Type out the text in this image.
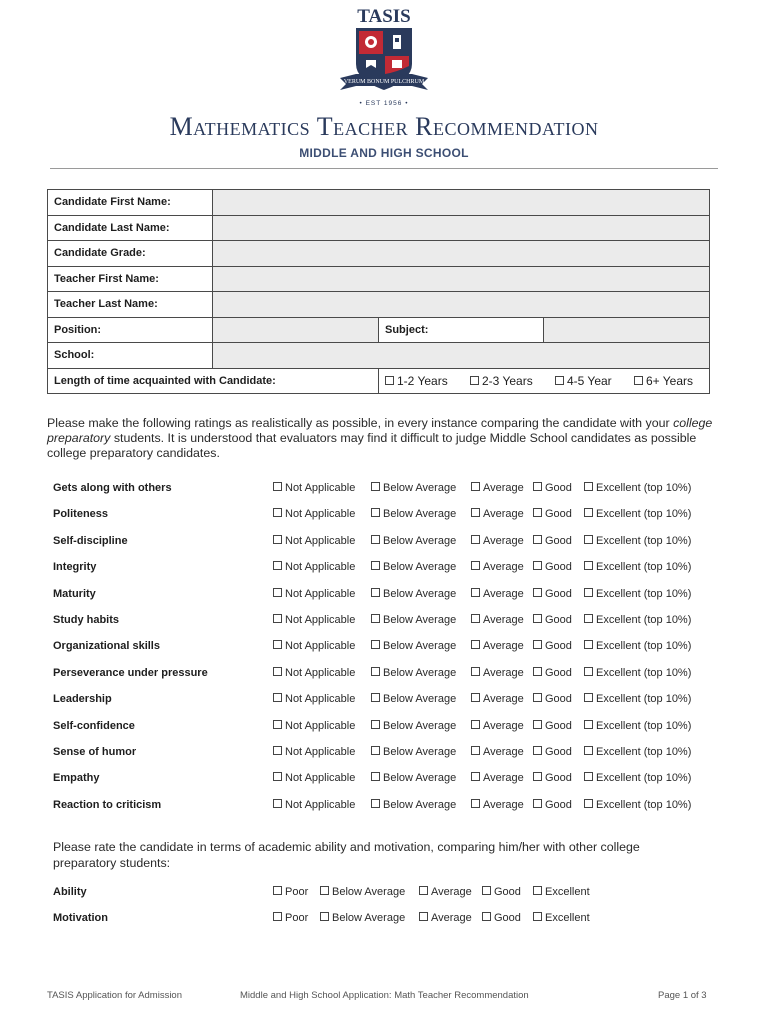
TASIS
VERUM BONUM PULCHRUM
• EST 1956 •
Mathematics Teacher Recommendation
MIDDLE AND HIGH SCHOOL
Candidate First Name:			
Candidate Last Name:			
Candidate Grade:			
Teacher First Name:			
Teacher Last Name:			
Position:		Subject:	
School:			
Length of time acquainted with Candidate:		1-2 Years 2-3 Years 4-5 Year 6+ Years	
Please make the following ratings as realistically as possible, in every instance comparing the candidate with your college preparatory students. It is understood that evaluators may find it difficult to judge Middle School candidates as possible college preparatory candidates.
Gets along with others	Not Applicable	Below Average	Average	Good	Excellent (top 10%)
Politeness	Not Applicable	Below Average	Average	Good	Excellent (top 10%)
Self-discipline	Not Applicable	Below Average	Average	Good	Excellent (top 10%)
Integrity	Not Applicable	Below Average	Average	Good	Excellent (top 10%)
Maturity	Not Applicable	Below Average	Average	Good	Excellent (top 10%)
Study habits	Not Applicable	Below Average	Average	Good	Excellent (top 10%)
Organizational skills	Not Applicable	Below Average	Average	Good	Excellent (top 10%)
Perseverance under pressure	Not Applicable	Below Average	Average	Good	Excellent (top 10%)
Leadership	Not Applicable	Below Average	Average	Good	Excellent (top 10%)
Self-confidence	Not Applicable	Below Average	Average	Good	Excellent (top 10%)
Sense of humor	Not Applicable	Below Average	Average	Good	Excellent (top 10%)
Empathy	Not Applicable	Below Average	Average	Good	Excellent (top 10%)
Reaction to criticism	Not Applicable	Below Average	Average	Good	Excellent (top 10%)
Please rate the candidate in terms of academic ability and motivation, comparing him/her with other college preparatory students:
Ability	Poor	Below Average	Average	Good	Excellent
Motivation	Poor	Below Average	Average	Good	Excellent
TASIS Application for Admission	Middle and High School Application: Math Teacher Recommendation	Page 1 of 3
